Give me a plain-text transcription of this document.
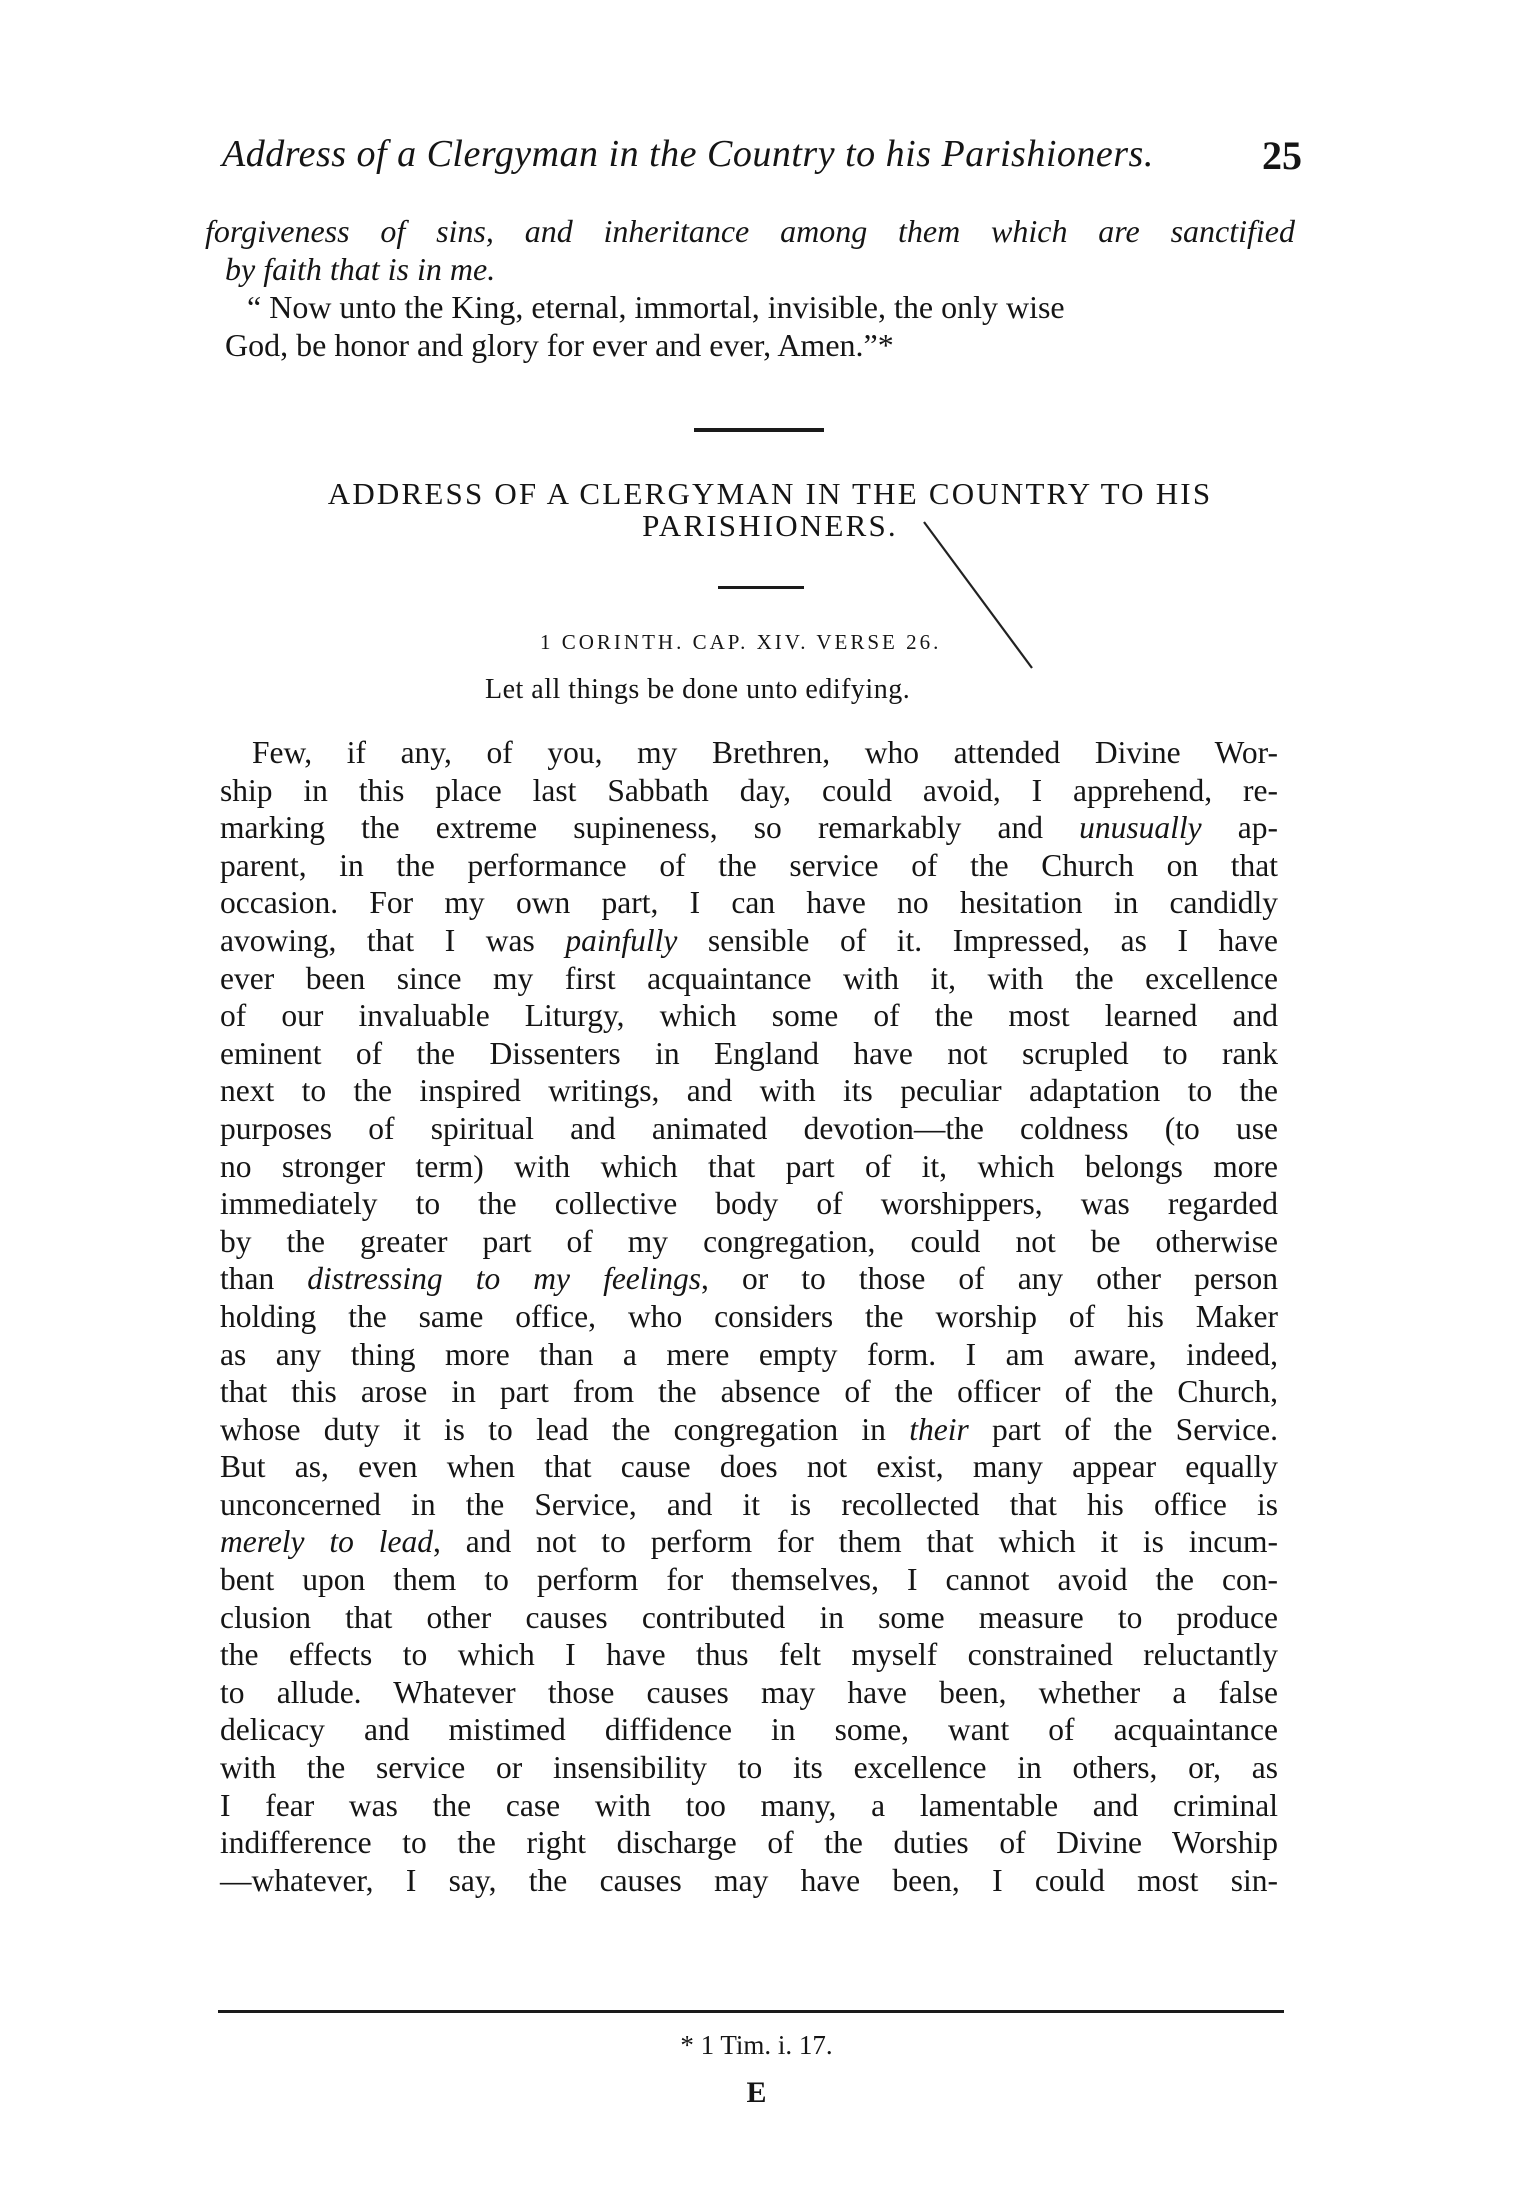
Address of a Clergyman in the Country to his Parishioners.	25

forgiveness of sins, and inheritance among them which are sanctified

by faith that is in me.

“ Now unto the King, eternal, immortal, invisible, the only wise

God, be honor and glory for ever and ever, Amen.”*

ADDRESS OF A CLERGYMAN IN THE COUNTRY TO HIS

PARISHIONERS.

1 CORINTH. CAP. XIV. VERSE 26.
Let all things be done unto edifying.

Few, if any, of you, my Brethren, who attended Divine Wor-

ship in this place last Sabbath day, could avoid, I apprehend, re-

marking the extreme supineness, so remarkably and unusually ap-

parent, in the performance of the service of the Church on that

occasion. For my own part, I can have no hesitation in candidly

avowing, that I was painfully sensible of it. Impressed, as I have

ever been since my first acquaintance with it, with the excellence

of our invaluable Liturgy, which some of the most learned and

eminent of the Dissenters in England have not scrupled to rank

next to the inspired writings, and with its peculiar adaptation to the

purposes of spiritual and animated devotion—the coldness (to use

no stronger term) with which that part of it, which belongs more

immediately to the collective body of worshippers, was regarded

by the greater part of my congregation, could not be otherwise

than distressing to my feelings, or to those of any other person

holding the same office, who considers the worship of his Maker

as any thing more than a mere empty form. I am aware, indeed,

that this arose in part from the absence of the officer of the Church,

whose duty it is to lead the congregation in their part of the Service.

But as, even when that cause does not exist, many appear equally

unconcerned in the Service, and it is recollected that his office is

merely to lead, and not to perform for them that which it is incum-

bent upon them to perform for themselves, I cannot avoid the con-

clusion that other causes contributed in some measure to produce

the effects to which I have thus felt myself constrained reluctantly

to allude. Whatever those causes may have been, whether a false

delicacy and mistimed diffidence in some, want of acquaintance

with the service or insensibility to its excellence in others, or, as

I fear was the case with too many, a lamentable and criminal

indifference to the right discharge of the duties of Divine Worship

—whatever, I say, the causes may have been, I could most sin-

* 1 Tim. i. 17.
E
